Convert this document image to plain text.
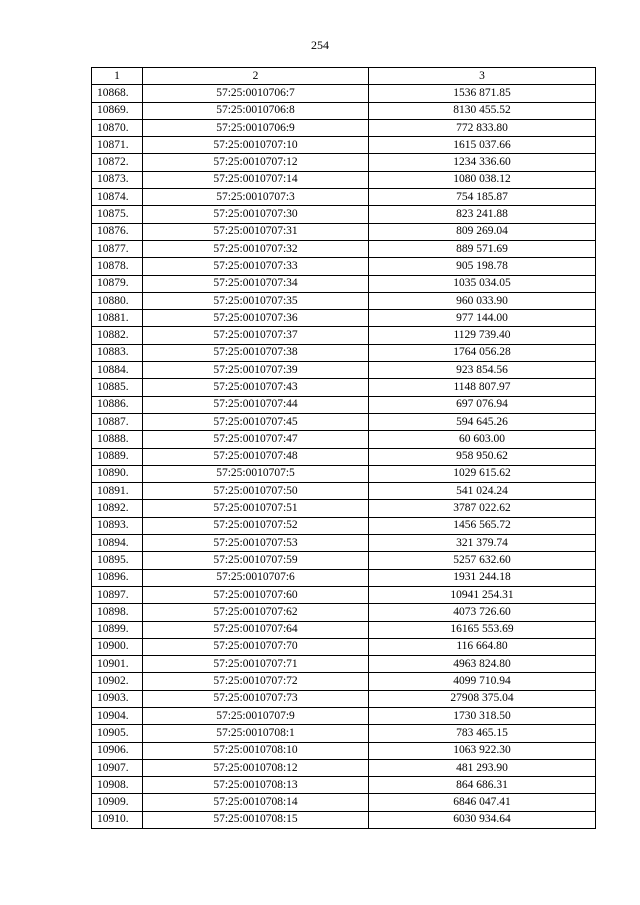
254
1	2	3
10868.	57:25:0010706:7	1536 871.85
10869.	57:25:0010706:8	8130 455.52
10870.	57:25:0010706:9	772 833.80
10871.	57:25:0010707:10	1615 037.66
10872.	57:25:0010707:12	1234 336.60
10873.	57:25:0010707:14	1080 038.12
10874.	57:25:0010707:3	754 185.87
10875.	57:25:0010707:30	823 241.88
10876.	57:25:0010707:31	809 269.04
10877.	57:25:0010707:32	889 571.69
10878.	57:25:0010707:33	905 198.78
10879.	57:25:0010707:34	1035 034.05
10880.	57:25:0010707:35	960 033.90
10881.	57:25:0010707:36	977 144.00
10882.	57:25:0010707:37	1129 739.40
10883.	57:25:0010707:38	1764 056.28
10884.	57:25:0010707:39	923 854.56
10885.	57:25:0010707:43	1148 807.97
10886.	57:25:0010707:44	697 076.94
10887.	57:25:0010707:45	594 645.26
10888.	57:25:0010707:47	60 603.00
10889.	57:25:0010707:48	958 950.62
10890.	57:25:0010707:5	1029 615.62
10891.	57:25:0010707:50	541 024.24
10892.	57:25:0010707:51	3787 022.62
10893.	57:25:0010707:52	1456 565.72
10894.	57:25:0010707:53	321 379.74
10895.	57:25:0010707:59	5257 632.60
10896.	57:25:0010707:6	1931 244.18
10897.	57:25:0010707:60	10941 254.31
10898.	57:25:0010707:62	4073 726.60
10899.	57:25:0010707:64	16165 553.69
10900.	57:25:0010707:70	116 664.80
10901.	57:25:0010707:71	4963 824.80
10902.	57:25:0010707:72	4099 710.94
10903.	57:25:0010707:73	27908 375.04
10904.	57:25:0010707:9	1730 318.50
10905.	57:25:0010708:1	783 465.15
10906.	57:25:0010708:10	1063 922.30
10907.	57:25:0010708:12	481 293.90
10908.	57:25:0010708:13	864 686.31
10909.	57:25:0010708:14	6846 047.41
10910.	57:25:0010708:15	6030 934.64
